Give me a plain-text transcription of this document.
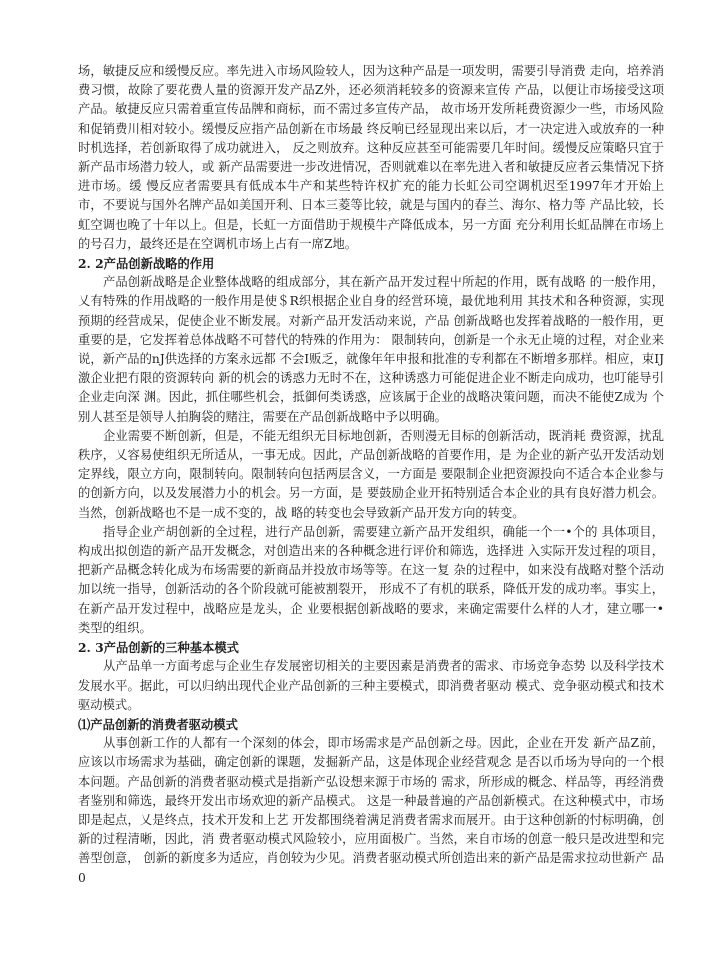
场，敏捷反应和缓慢反应。率先进入市场风险较人，因为这种产品是一项发明，需要引导消费 走向，培养消费习惯，故除了要花费人量的资源开发产品Z外，还必须消耗较多的资源来宣传 产品，以便让市场接受这项产品。敏捷反应只需着重宣传品牌和商标，而不需过多宣传产品， 故市场开发所耗费资源少一些，市场风险和促销费川相对较小。缓慢反应指产品创新在市场最 终反响已经显现出来以后，才一决定进入或放弃的一种时机选择，若创新取得了成功就进入， 反之则放弃。这种反应甚至可能需要几年时间。缓慢反应策略只宜于新产品市场潜力较人，或 新产品需要进一步改进情况，否则就难以在率先进入者和敏捷反应者云集情况下挤进市场。缓 慢反应者需要具有低成本牛产和某些特许权扩充的能力长虹公司空调机迟至1997年才开始上 市，不要说与国外名牌产品如美国开利、日本三菱等比较，就是与国内的春兰、海尔、格力等 产品比较，长虹空调也晚了十年以上。但是，长虹一方面借助于规模牛产降低成本，另一方面 充分利用长虹品牌在市场上的号召力，最终还是在空调机市场上占有一席Z地。

2. 2产品创新战略的作用

产品创新战略是企业整体战略的组成部分，其在新产品开发过程屮所起的作用，既有战略 的一般作用，乂有特殊的作用战略的一般作用是使＄R织根据企业自身的经営环境，最优地利用 其技术和各种资源，实现预期的经营成呆，促使企业不断发展。对新产品开发活动来说，产品 创新战略也发挥着战略的一般作用，更重要的是，它发挥着总体战略不可替代的特殊的作用为： 限制转向，创新是一个永无止境的过程，对企业来说，新产品的nJ供选择的方案永远都 不会I贩乏，就像年年申报和批准的专利都在不断増多那样。相应，束IJ激企业把冇限的资源转向 新的机会的诱惑力无时不在，这种诱惑力可能促进企业不断走向成功，也叮能导引企业走向深 渊。因此，抓住哪些机会，抵御何类诱惑，应该属于企业的战略决策问题，而决不能使Z成为 个别人甚至是领导人拍胸袋的赌注，需要在产品创新战略中予以明确。

企业需要不断创新，但是，不能无组织无目标地创新，否则漫无目标的创新活动，既消耗 费资源，扰乱秩序，乂容易使组织无所适从，一事无成。因此，产品创新战略的首要作用，是 为企业的新产弘开发活动划定界线，限立方向，限制转向。限制转向包括两层含义，一方面是 要限制企业把资源投向不适合本企业参与的创新方向，以及发展潜力小的机会。另一方面，是 要鼓励企业开拓特别适合本企业的具有良好潜力机会。当然，创新战略也不是一成不变的，战 略的转变也会导致新产品开发方向的转变。

指导企业产胡创新的全过程，进行产品创新，需要建立新产品开发组织，确能一个一•个的 具体项目，构成出拟创造的新产品开发概念，对创造出来的各种概念进行评价和筛选，选择进 入实际开发过程的项目，把新产品概念转化成为布场需要的新商品并投放市场等等。在这一复 杂的过程中，如来没有战略对整个活动加以统一指导，创新活动的各个阶段就可能被割裂开， 形成不了有机的联系，降低开发的成功率。事实上，在新产品开发过程中，战略应是龙头，企 业要根据创新战略的要求，来确定需要什么样的人才，建立哪一•类型的组织。

2. 3产品创新的三种基本模式

从产品单一方面考虑与企业生存发展密切相关的主要因素是消费者的需求、市场竞争态势 以及科学技术发展水平。据此，可以归纳出现代企业产品创新的三种主要模式，即消费者驱动 模式、竞争驱动模式和技术驱动模式。

⑴产品创新的消费者驱动模式

从事创新工作的人都有一个深刻的体会，即市场需求是产品创新之母。因此，企业在开发 新产品Z前，应该以市场需求为基础，确定创新的课题，发掘新产品，这是体现企业经营观念 是否以币场为导向的一个根本问题。产品创新的消费者驱动模式是指新产弘设想来源于市场的 需求，所形成的概念、样品等，再经消费者鉴别和筛选，最终开发出市场欢迎的新产品模式。 这是一种最普遍的产品创新模式。在这种模式中，市场即是起点，乂是终点，技术开发和上艺 开发都围绕着满足消费者需求而展开。由于这种创新的忖标明确，创新的过程清晰，因此，消 费者驱动模式风险较小，应用面极广。当然，来自市场的创意一般只是改进型和完善型创意， 创新的新度多为适应，肖创较为少见。消费者驱动模式所创造出来的新产品是需求拉动世新产 品0
